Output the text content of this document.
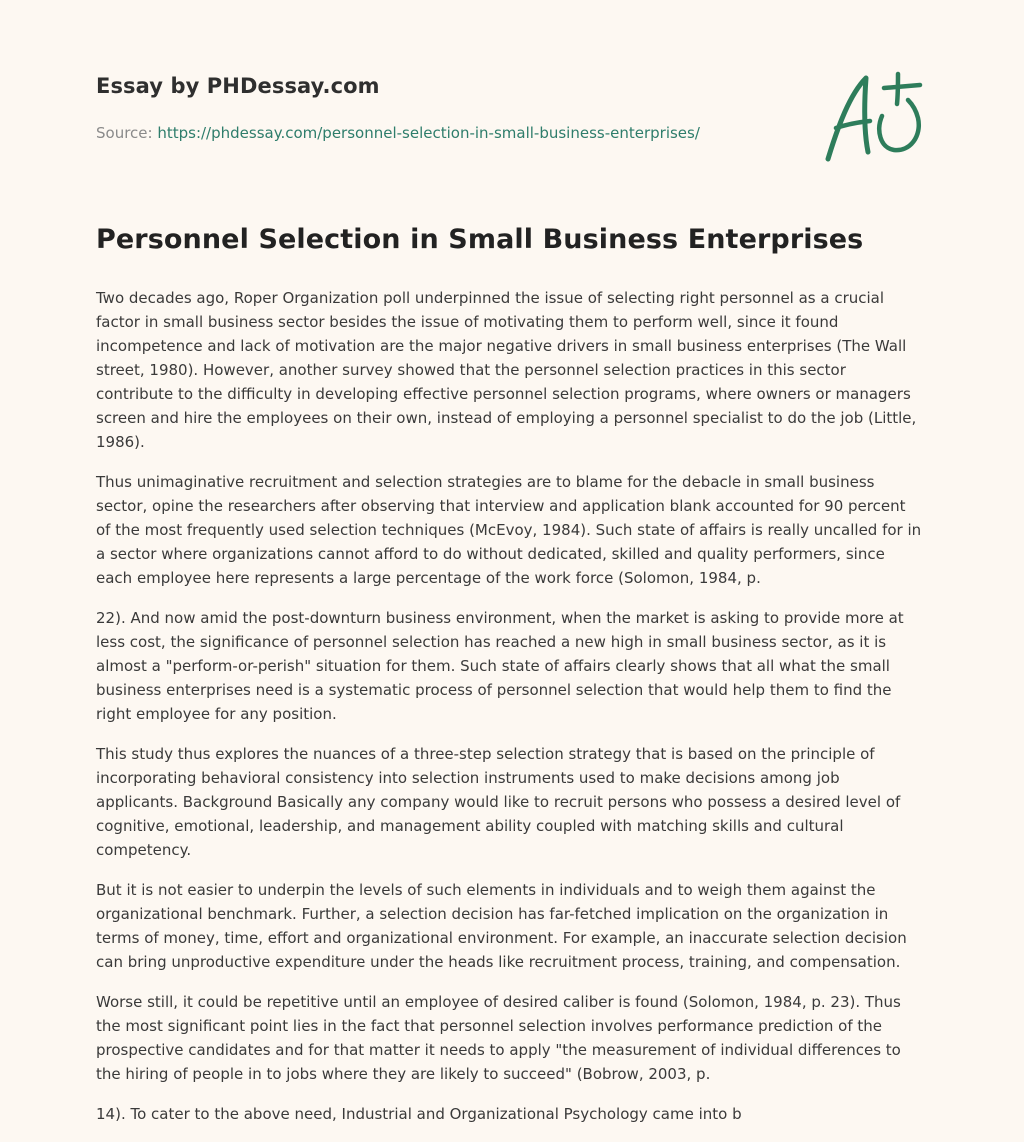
Essay by PHDessay.com

Source: https://phdessay.com/personnel-selection-in-small-business-enterprises/

Personnel Selection in Small Business Enterprises

Two decades ago, Roper Organization poll underpinned the issue of selecting right personnel as a crucial factor in small business sector besides the issue of motivating them to perform well, since it found incompetence and lack of motivation are the major negative drivers in small business enterprises (The Wall street, 1980). However, another survey showed that the personnel selection practices in this sector contribute to the difficulty in developing effective personnel selection programs, where owners or managers screen and hire the employees on their own, instead of employing a personnel specialist to do the job (Little, 1986).

Thus unimaginative recruitment and selection strategies are to blame for the debacle in small business sector, opine the researchers after observing that interview and application blank accounted for 90 percent of the most frequently used selection techniques (McEvoy, 1984). Such state of affairs is really uncalled for in a sector where organizations cannot afford to do without dedicated, skilled and quality performers, since each employee here represents a large percentage of the work force (Solomon, 1984, p.

22). And now amid the post-downturn business environment, when the market is asking to provide more at less cost, the significance of personnel selection has reached a new high in small business sector, as it is almost a "perform-or-perish" situation for them. Such state of affairs clearly shows that all what the small business enterprises need is a systematic process of personnel selection that would help them to find the right employee for any position.

This study thus explores the nuances of a three-step selection strategy that is based on the principle of incorporating behavioral consistency into selection instruments used to make decisions among job applicants. Background Basically any company would like to recruit persons who possess a desired level of cognitive, emotional, leadership, and management ability coupled with matching skills and cultural competency.

But it is not easier to underpin the levels of such elements in individuals and to weigh them against the organizational benchmark. Further, a selection decision has far-fetched implication on the organization in terms of money, time, effort and organizational environment. For example, an inaccurate selection decision can bring unproductive expenditure under the heads like recruitment process, training, and compensation.

Worse still, it could be repetitive until an employee of desired caliber is found (Solomon, 1984, p. 23). Thus the most significant point lies in the fact that personnel selection involves performance prediction of the prospective candidates and for that matter it needs to apply "the measurement of individual differences to the hiring of people in to jobs where they are likely to succeed" (Bobrow, 2003, p.

14). To cater to the above need, Industrial and Organizational Psychology came into b
